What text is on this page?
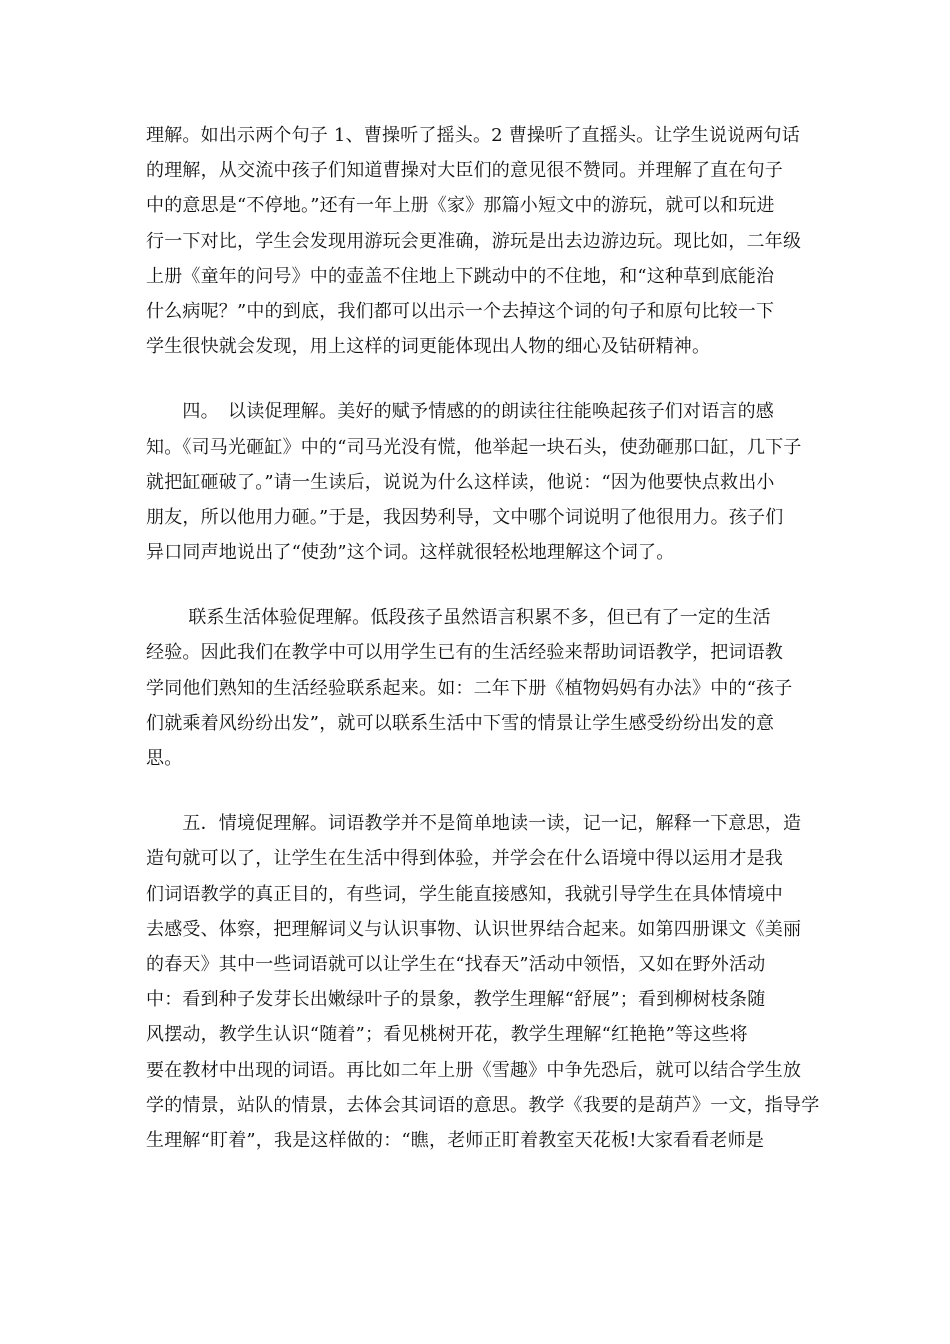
理解。如出示两个句子 1、曹操听了摇头。2 曹操听了直摇头。让学生说说两句话
的理解，从交流中孩子们知道曹操对大臣们的意见很不赞同。并理解了直在句子
中的意思是“不停地。”还有一年上册《家》那篇小短文中的游玩，就可以和玩进
行一下对比，学生会发现用游玩会更准确，游玩是出去边游边玩。现比如，二年级
上册《童年的问号》中的壶盖不住地上下跳动中的不住地，和“这种草到底能治
什么病呢？”中的到底，我们都可以出示一个去掉这个词的句子和原句比较一下
学生很快就会发现，用上这样的词更能体现出人物的细心及钻研精神。
　　四。　以读促理解。美好的赋予情感的的朗读往往能唤起孩子们对语言的感
知。《司马光砸缸》中的“司马光没有慌，他举起一块石头，使劲砸那口缸，几下子
就把缸砸破了。”请一生读后，说说为什么这样读，他说：“因为他要快点救出小
朋友，所以他用力砸。”于是，我因势利导，文中哪个词说明了他很用力。孩子们
异口同声地说出了“使劲”这个词。这样就很轻松地理解这个词了。
　　 联系生活体验促理解。低段孩子虽然语言积累不多，但已有了一定的生活
经验。因此我们在教学中可以用学生已有的生活经验来帮助词语教学，把词语教
学同他们熟知的生活经验联系起来。如：二年下册《植物妈妈有办法》中的“孩子
们就乘着风纷纷出发”，就可以联系生活中下雪的情景让学生感受纷纷出发的意
思。
　　五．情境促理解。词语教学并不是简单地读一读，记一记，解释一下意思，造
造句就可以了，让学生在生活中得到体验，并学会在什么语境中得以运用才是我
们词语教学的真正目的，有些词，学生能直接感知，我就引导学生在具体情境中
去感受、体察，把理解词义与认识事物、认识世界结合起来。如第四册课文《美丽
的春天》其中一些词语就可以让学生在“找春天”活动中领悟，又如在野外活动
中：看到种子发芽长出嫩绿叶子的景象，教学生理解“舒展”；看到柳树枝条随
风摆动，教学生认识“随着”；看见桃树开花，教学生理解“红艳艳”等这些将
要在教材中出现的词语。再比如二年上册《雪趣》中争先恐后，就可以结合学生放
学的情景，站队的情景，去体会其词语的意思。教学《我要的是葫芦》一文，指导学
生理解“盯着”，我是这样做的：“瞧，老师正盯着教室天花板!大家看看老师是
